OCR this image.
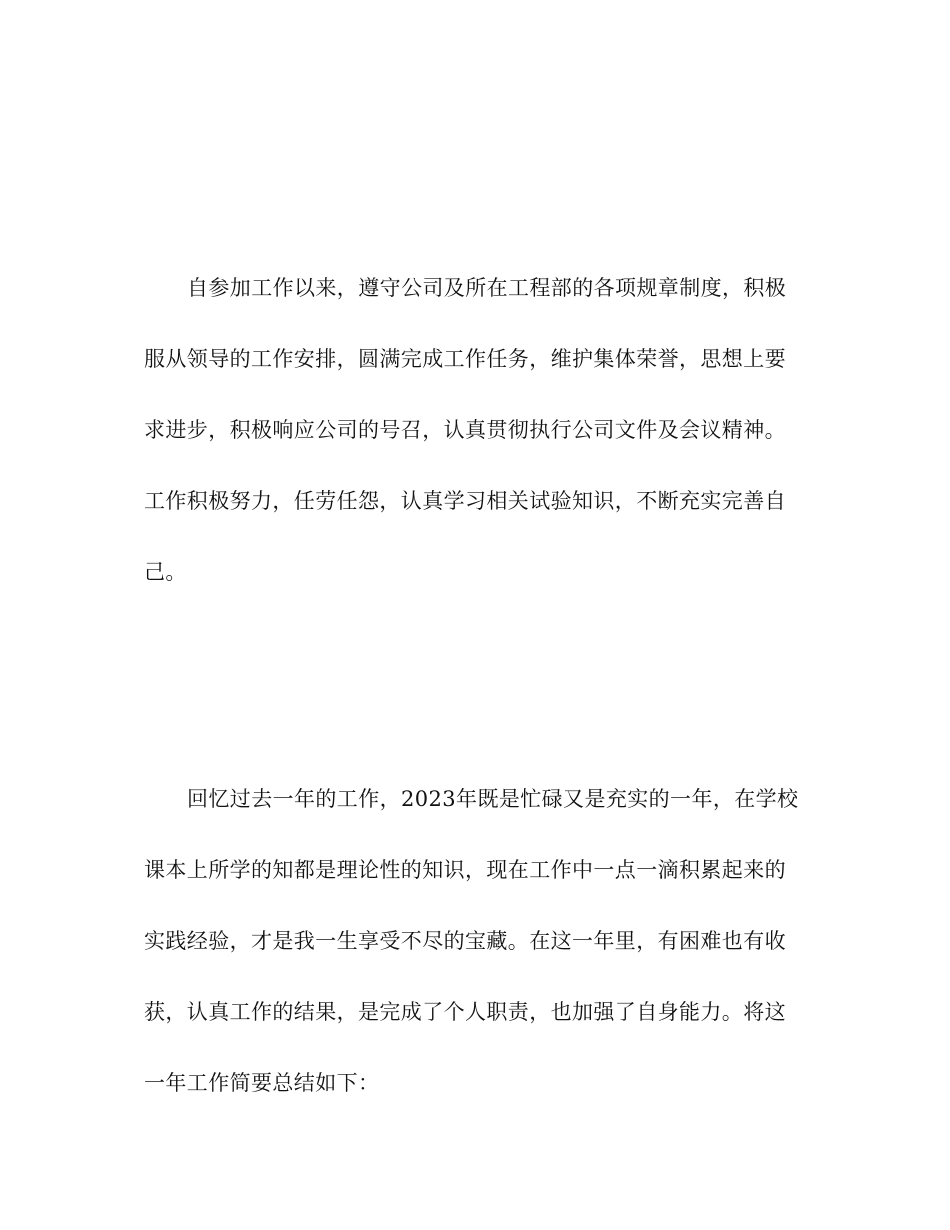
自参加工作以来，遵守公司及所在工程部的各项规章制度，积极
服从领导的工作安排，圆满完成工作任务，维护集体荣誉，思想上要
求进步，积极响应公司的号召，认真贯彻执行公司文件及会议精神。
工作积极努力，任劳任怨，认真学习相关试验知识，不断充实完善自
己。
回忆过去一年的工作，2023年既是忙碌又是充实的一年，在学校
课本上所学的知都是理论性的知识，现在工作中一点一滴积累起来的
实践经验，才是我一生享受不尽的宝藏。在这一年里，有困难也有收
获，认真工作的结果，是完成了个人职责，也加强了自身能力。将这
一年工作简要总结如下：
